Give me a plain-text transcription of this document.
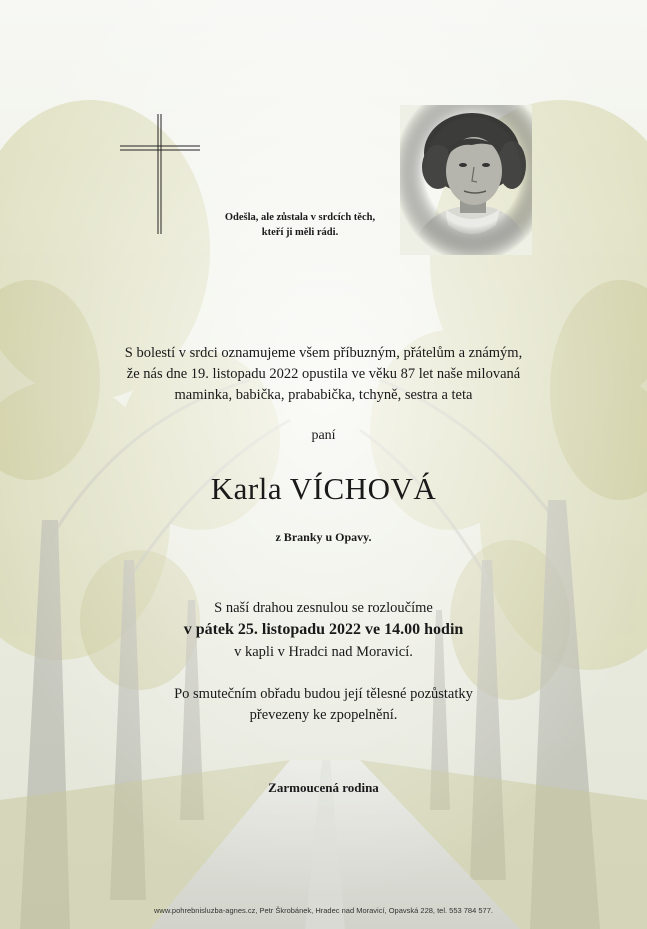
Odešla, ale zůstala v srdcích těch,
kteří ji měli rádi.
S bolestí v srdci oznamujeme všem příbuzným, přátelům a známým,
že nás dne 19. listopadu 2022 opustila ve věku 87 let naše milovaná
maminka, babička, prababička, tchyně, sestra a teta
paní
Karla VÍCHOVÁ
z Branky u Opavy.
S naší drahou zesnulou se rozloučíme
v pátek 25. listopadu 2022 ve 14.00 hodin
v kapli v Hradci nad Moravicí.
Po smutečním obřadu budou její tělesné pozůstatky
převezeny ke zpopelnění.
Zarmoucená rodina
www.pohrebnisluzba-agnes.cz, Petr Škrobánek, Hradec nad Moravicí, Opavská 228, tel. 553 784 577.
